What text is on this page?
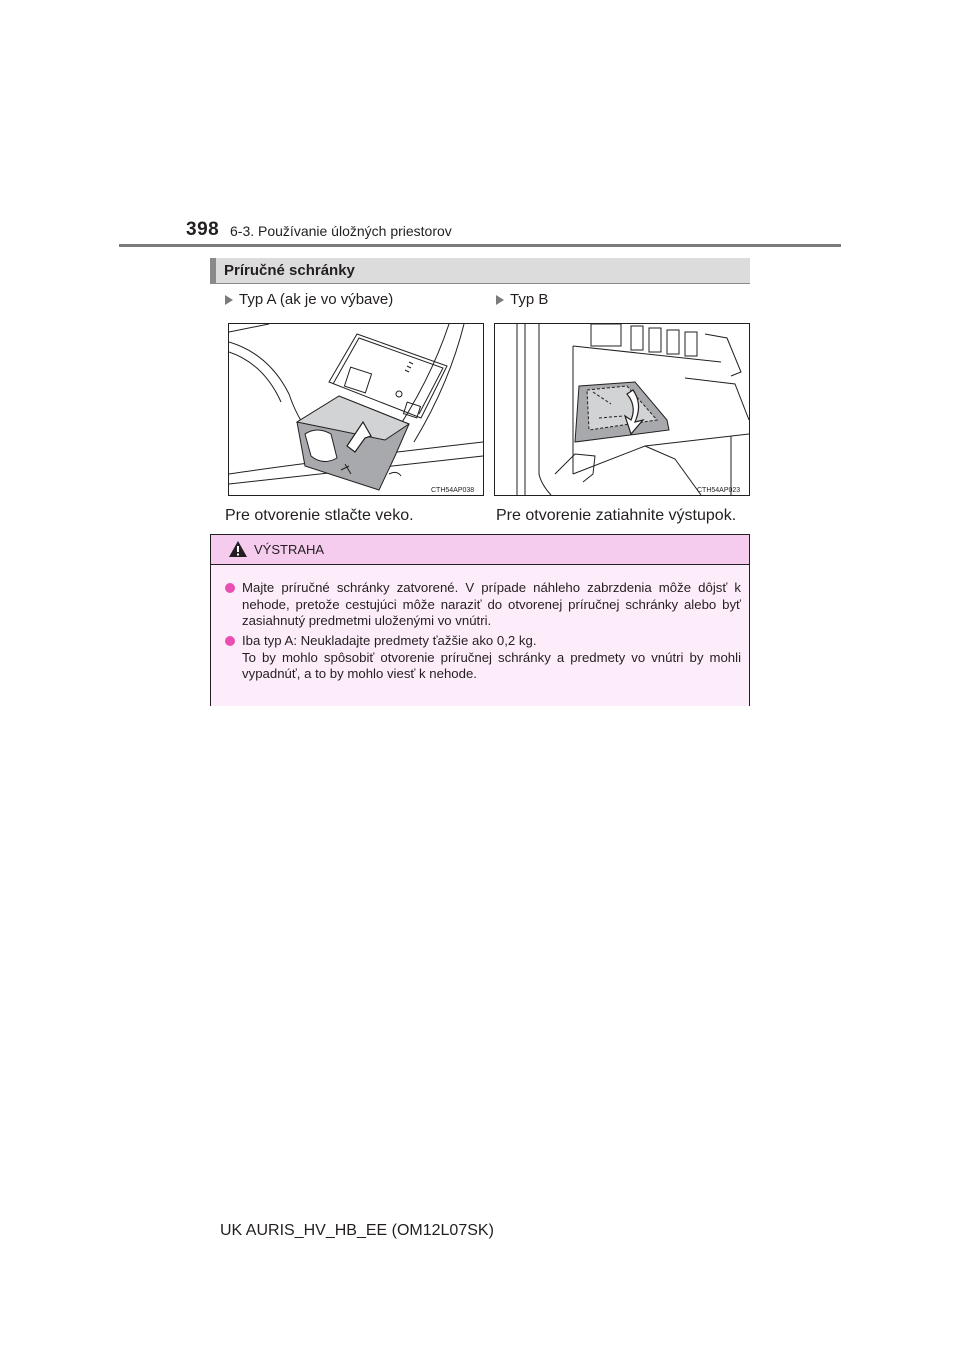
398 6-3. Používanie úložných priestorov
Príručné schránky
Typ A (ak je vo výbave)	Typ B
CTH54AP038	CTH54AP023
Pre otvorenie stlačte veko.	Pre otvorenie zatiahnite výstupok.
VÝSTRAHA
Majte príručné schránky zatvorené. V prípade náhleho zabrzdenia môže dôjsť k nehode, pretože cestujúci môže naraziť do otvorenej príručnej schránky alebo byť zasiahnutý predmetmi uloženými vo vnútri.
Iba typ A: Neukladajte predmety ťažšie ako 0,2 kg.
To by mohlo spôsobiť otvorenie príručnej schránky a predmety vo vnútri by mohli vypadnúť, a to by mohlo viesť k nehode.
UK AURIS_HV_HB_EE (OM12L07SK)
